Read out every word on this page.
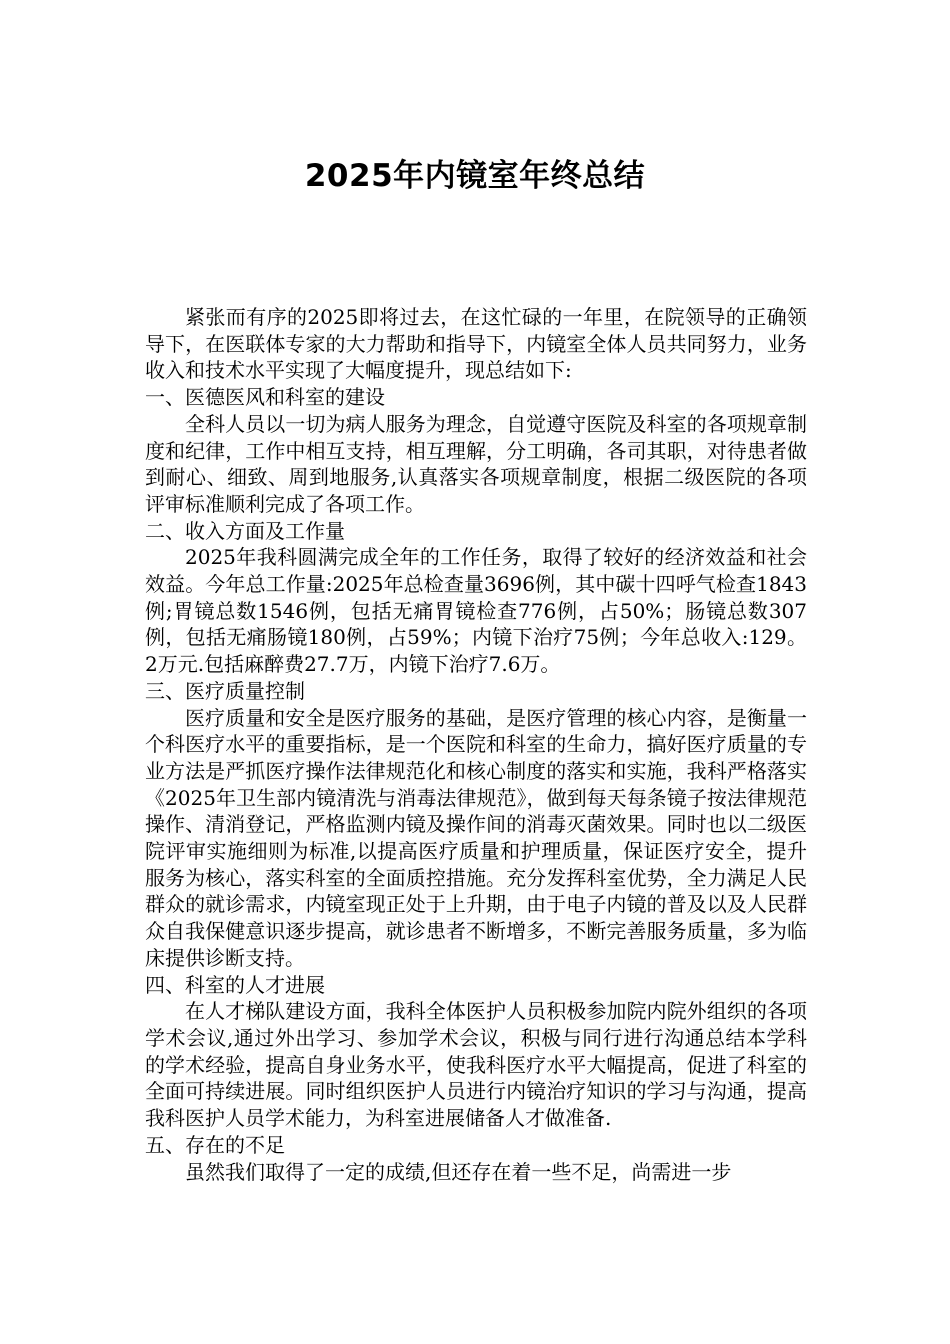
2025年内镜室年终总结

紧张而有序的2025即将过去，在这忙碌的一年里，在院领导的正确领导下，在医联体专家的大力帮助和指导下，内镜室全体人员共同努力，业务收入和技术水平实现了大幅度提升，现总结如下:

一、医德医风和科室的建设

全科人员以一切为病人服务为理念，自觉遵守医院及科室的各项规章制度和纪律，工作中相互支持，相互理解，分工明确，各司其职，对待患者做到耐心、细致、周到地服务,认真落实各项规章制度，根据二级医院的各项评审标准顺利完成了各项工作。

二、收入方面及工作量

2025年我科圆满完成全年的工作任务，取得了较好的经济效益和社会效益。今年总工作量:2025年总检查量3696例，其中碳十四呼气检查1843例;胃镜总数1546例，包括无痛胃镜检查776例，占50%；肠镜总数307例，包括无痛肠镜180例，占59%；内镜下治疗75例；今年总收入:129。2万元.包括麻醉费27.7万，内镜下治疗7.6万。

三、医疗质量控制

医疗质量和安全是医疗服务的基础，是医疗管理的核心内容，是衡量一个科医疗水平的重要指标，是一个医院和科室的生命力，搞好医疗质量的专业方法是严抓医疗操作法律规范化和核心制度的落实和实施，我科严格落实《2025年卫生部内镜清洗与消毒法律规范》，做到每天每条镜子按法律规范操作、清消登记，严格监测内镜及操作间的消毒灭菌效果。同时也以二级医院评审实施细则为标准,以提高医疗质量和护理质量，保证医疗安全，提升服务为核心，落实科室的全面质控措施。充分发挥科室优势，全力满足人民群众的就诊需求，内镜室现正处于上升期，由于电子内镜的普及以及人民群众自我保健意识逐步提高，就诊患者不断增多，不断完善服务质量，多为临床提供诊断支持。

四、科室的人才进展

在人才梯队建设方面，我科全体医护人员积极参加院内院外组织的各项学术会议,通过外出学习、参加学术会议，积极与同行进行沟通总结本学科的学术经验，提高自身业务水平，使我科医疗水平大幅提高，促进了科室的全面可持续进展。同时组织医护人员进行内镜治疗知识的学习与沟通，提高我科医护人员学术能力，为科室进展储备人才做准备.

五、存在的不足

虽然我们取得了一定的成绩,但还存在着一些不足，尚需进一步
